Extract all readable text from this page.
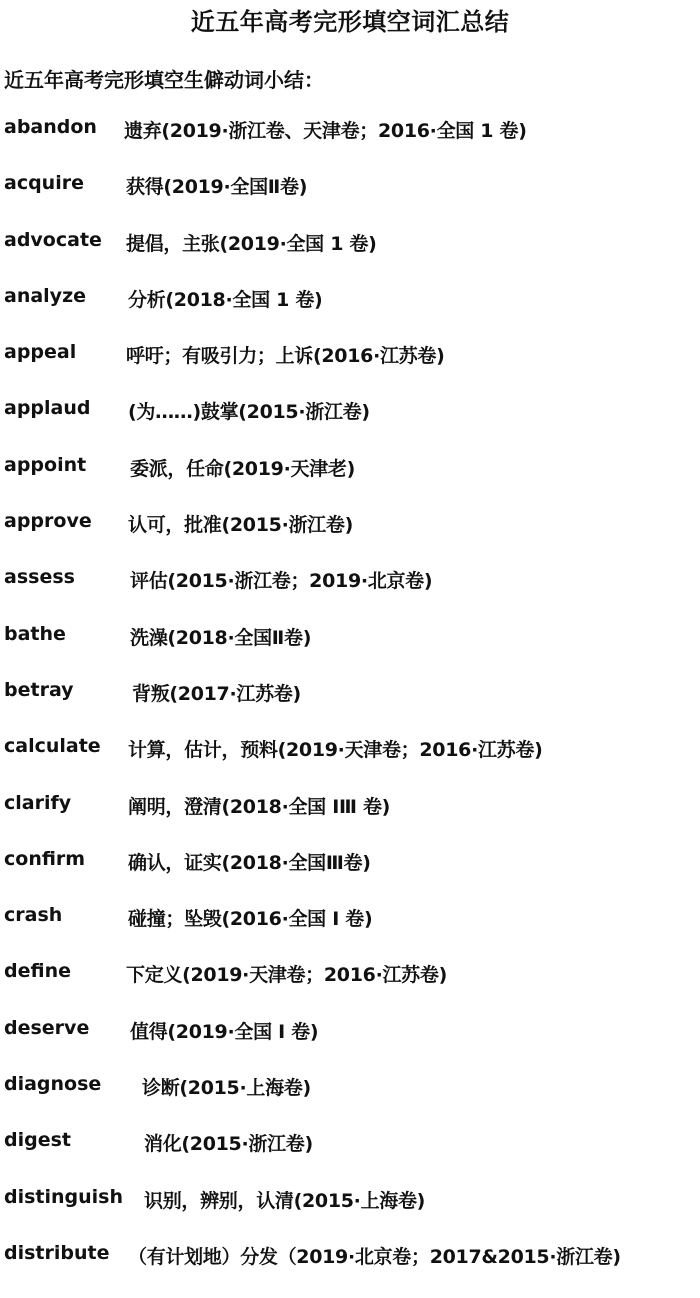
近五年高考完形填空词汇总结
近五年高考完形填空生僻动词小结：
abandon 遗弃(2019·浙江卷、天津卷；2016·全国 1 卷)
acquire 获得(2019·全国Ⅱ卷)
advocate 提倡，主张(2019·全国 1 卷)
analyze 分析(2018·全国 1 卷)
appeal	呼吁；有吸引力；上诉(2016·江苏卷)
applaud (为……)鼓掌(2015·浙江卷)
appoint 委派，任命(2019·天津老)
approve 认可，批准(2015·浙江卷)
assess	评估(2015·浙江卷；2019·北京卷)
bathe	洗澡(2018·全国Ⅱ卷)
betray	背叛(2017·江苏卷)
calculate 计算，估计，预料(2019·天津卷；2016·江苏卷)
clarify	阐明，澄清(2018·全国 IⅢ 卷)
confirm 确认，证实(2018·全国Ⅲ卷)
crash	碰撞；坠毁(2016·全国 I 卷)
define	下定义(2019·天津卷；2016·江苏卷)
deserve 值得(2019·全国 I 卷)
diagnose 诊断(2015·上海卷)
digest	消化(2015·浙江卷)
distinguish 识别，辨别，认清(2015·上海卷)
distribute （有计划地）分发（2019·北京卷；2017&2015·浙江卷)
